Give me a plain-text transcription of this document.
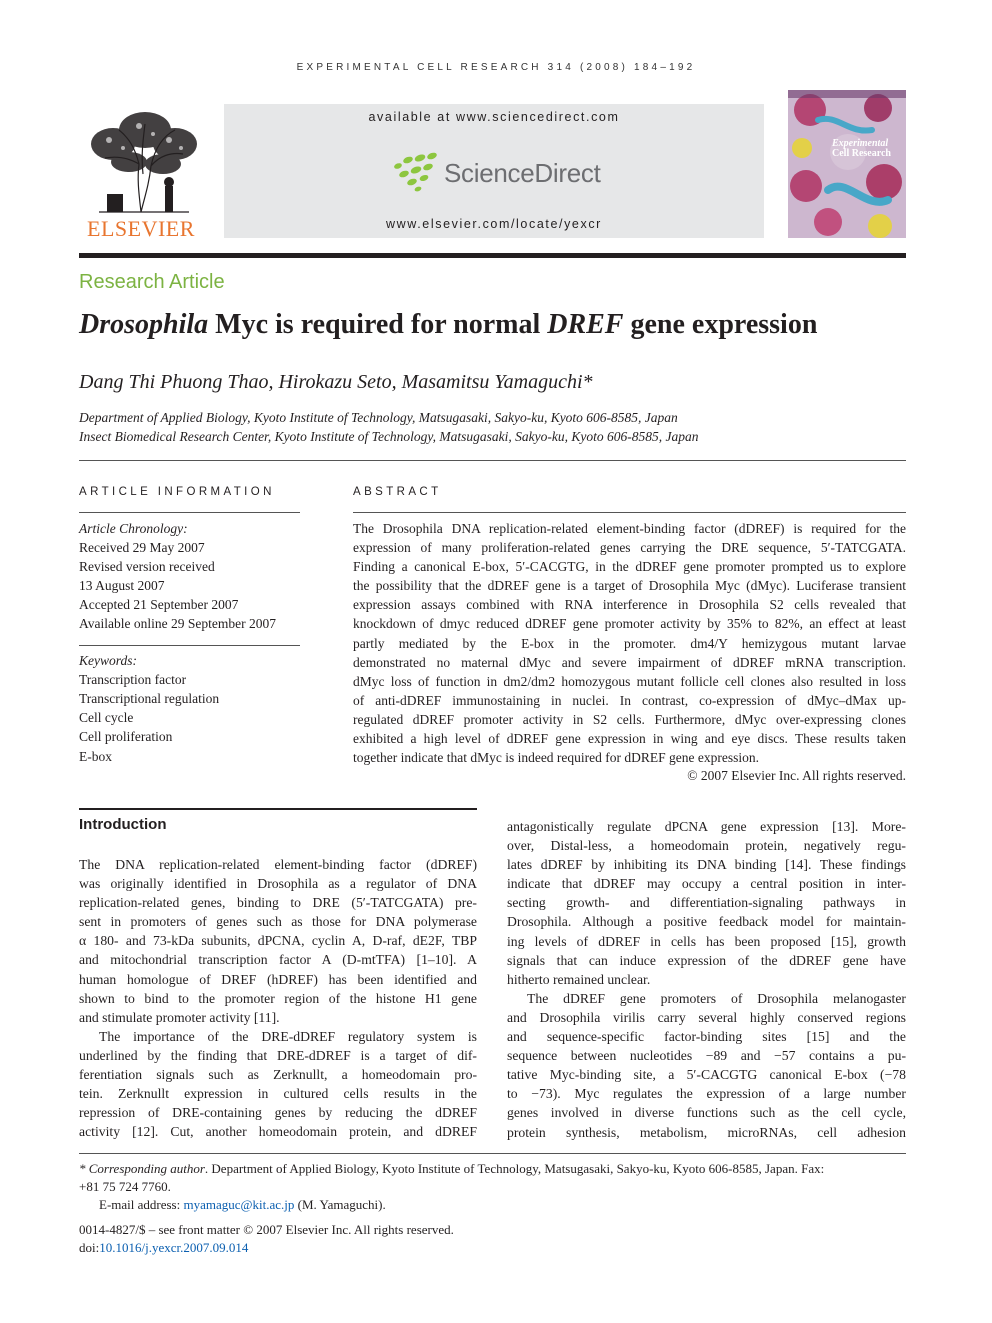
EXPERIMENTAL CELL RESEARCH 314 (2008) 184–192
ELSEVIER
available at www.sciencedirect.com
ScienceDirect
www.elsevier.com/locate/yexcr
Experimental
Cell Research
Research Article
Drosophila Myc is required for normal DREF gene expression
Dang Thi Phuong Thao, Hirokazu Seto, Masamitsu Yamaguchi*
Department of Applied Biology, Kyoto Institute of Technology, Matsugasaki, Sakyo-ku, Kyoto 606-8585, Japan
Insect Biomedical Research Center, Kyoto Institute of Technology, Matsugasaki, Sakyo-ku, Kyoto 606-8585, Japan
ARTICLE INFORMATION
Article Chronology:
Received 29 May 2007
Revised version received
13 August 2007
Accepted 21 September 2007
Available online 29 September 2007
Keywords:
Transcription factor
Transcriptional regulation
Cell cycle
Cell proliferation
E-box
ABSTRACT
The Drosophila DNA replication-related element-binding factor (dDREF) is required for the
expression of many proliferation-related genes carrying the DRE sequence, 5′-TATCGATA.
Finding a canonical E-box, 5′-CACGTG, in the dDREF gene promoter prompted us to explore
the possibility that the dDREF gene is a target of Drosophila Myc (dMyc). Luciferase transient
expression assays combined with RNA interference in Drosophila S2 cells revealed that
knockdown of dmyc reduced dDREF gene promoter activity by 35% to 82%, an effect at least
partly mediated by the E-box in the promoter. dm4/Y hemizygous mutant larvae
demonstrated no maternal dMyc and severe impairment of dDREF mRNA transcription.
dMyc loss of function in dm2/dm2 homozygous mutant follicle cell clones also resulted in loss
of anti-dDREF immunostaining in nuclei. In contrast, co-expression of dMyc–dMax up-
regulated dDREF promoter activity in S2 cells. Furthermore, dMyc over-expressing clones
exhibited a high level of dDREF gene expression in wing and eye discs. These results taken
together indicate that dMyc is indeed required for dDREF gene expression.
© 2007 Elsevier Inc. All rights reserved.
Introduction
The DNA replication-related element-binding factor (dDREF)
was originally identified in Drosophila as a regulator of DNA
replication-related genes, binding to DRE (5′-TATCGATA) pre-
sent in promoters of genes such as those for DNA polymerase
α 180- and 73-kDa subunits, dPCNA, cyclin A, D-raf, dE2F, TBP
and mitochondrial transcription factor A (D-mtTFA) [1–10]. A
human homologue of DREF (hDREF) has been identified and
shown to bind to the promoter region of the histone H1 gene
and stimulate promoter activity [11].
The importance of the DRE-dDREF regulatory system is
underlined by the finding that DRE-dDREF is a target of dif-
ferentiation signals such as Zerknullt, a homeodomain pro-
tein. Zerknullt expression in cultured cells results in the
repression of DRE-containing genes by reducing the dDREF
activity [12]. Cut, another homeodomain protein, and dDREF
antagonistically regulate dPCNA gene expression [13]. More-
over, Distal-less, a homeodomain protein, negatively regu-
lates dDREF by inhibiting its DNA binding [14]. These findings
indicate that dDREF may occupy a central position in inter-
secting growth- and differentiation-signaling pathways in
Drosophila. Although a positive feedback model for maintain-
ing levels of dDREF in cells has been proposed [15], growth
signals that can induce expression of the dDREF gene have
hitherto remained unclear.
The dDREF gene promoters of Drosophila melanogaster
and Drosophila virilis carry several highly conserved regions
and sequence-specific factor-binding sites [15] and the
sequence between nucleotides −89 and −57 contains a pu-
tative Myc-binding site, a 5′-CACGTG canonical E-box (−78
to −73). Myc regulates the expression of a large number
genes involved in diverse functions such as the cell cycle,
protein synthesis, metabolism, microRNAs, cell adhesion
* Corresponding author. Department of Applied Biology, Kyoto Institute of Technology, Matsugasaki, Sakyo-ku, Kyoto 606-8585, Japan. Fax:
+81 75 724 7760.
E-mail address: myamaguc@kit.ac.jp (M. Yamaguchi).
0014-4827/$ – see front matter © 2007 Elsevier Inc. All rights reserved.
doi:10.1016/j.yexcr.2007.09.014
